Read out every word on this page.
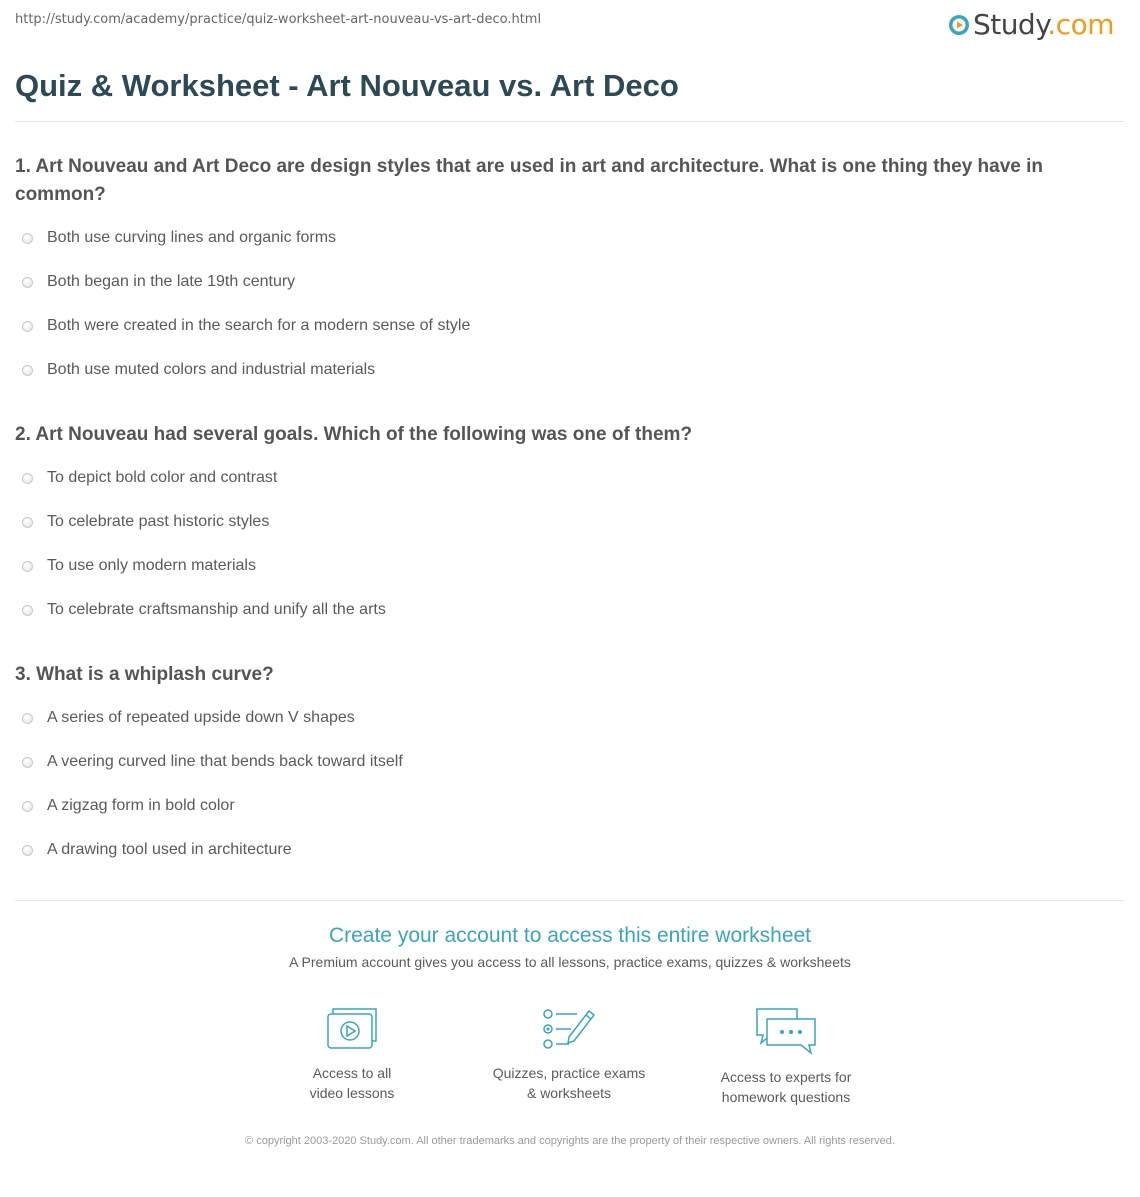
http://study.com/academy/practice/quiz-worksheet-art-nouveau-vs-art-deco.html	Study.com
Quiz & Worksheet - Art Nouveau vs. Art Deco

1. Art Nouveau and Art Deco are design styles that are used in art and architecture. What is one thing they have in common?

Both use curving lines and organic forms
Both began in the late 19th century
Both were created in the search for a modern sense of style
Both use muted colors and industrial materials

2. Art Nouveau had several goals. Which of the following was one of them?

To depict bold color and contrast
To celebrate past historic styles
To use only modern materials
To celebrate craftsmanship and unify all the arts

3. What is a whiplash curve?

A series of repeated upside down V shapes
A veering curved line that bends back toward itself
A zigzag form in bold color
A drawing tool used in architecture
Create your account to access this entire worksheet
A Premium account gives you access to all lessons, practice exams, quizzes & worksheets
Access to all
video lessons
Quizzes, practice exams
& worksheets
Access to experts for
homework questions
© copyright 2003-2020 Study.com. All other trademarks and copyrights are the property of their respective owners. All rights reserved.
